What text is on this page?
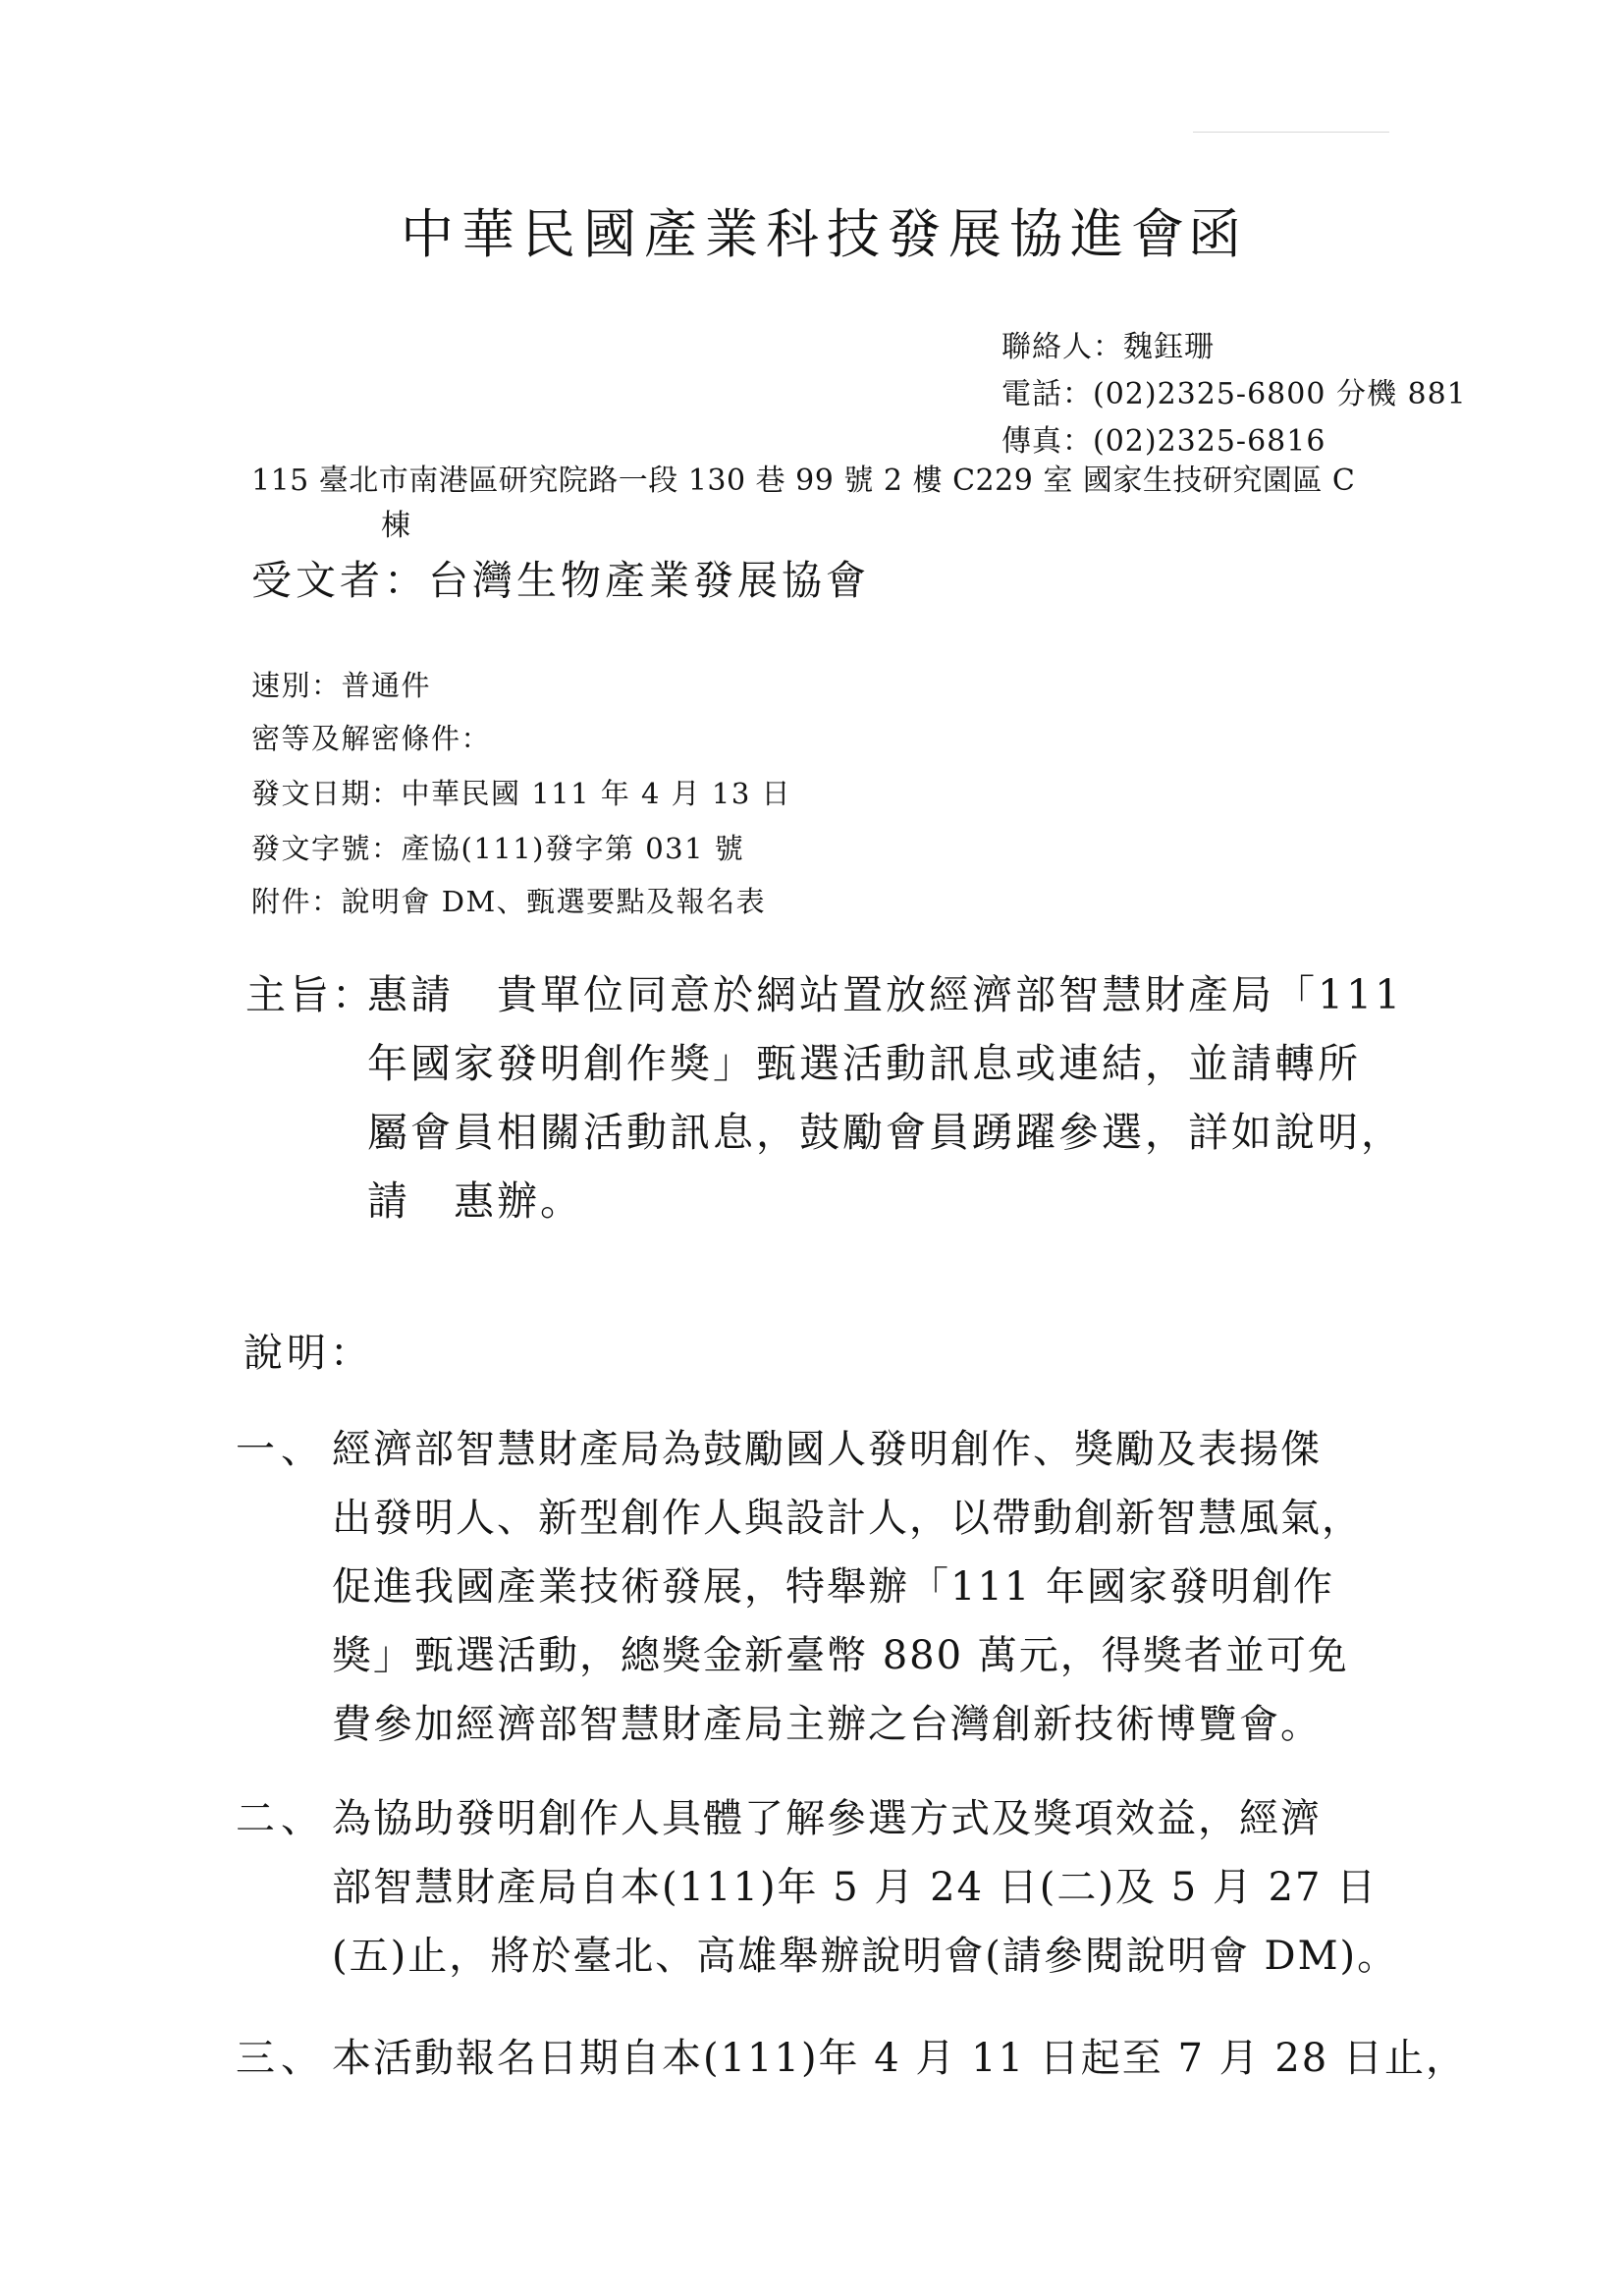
中華民國產業科技發展協進會
函
聯絡人：魏鈺珊
電話：(02)2325-6800 分機 881
傳真：(02)2325-6816
115 臺北市南港區研究院路一段 130 巷 99 號 2 樓 C229 室 國家生技研究園區 C
棟
受文者：台灣生物產業發展協會
速別：普通件
密等及解密條件：
發文日期：中華民國 111 年 4 月 13 日
發文字號：產協(111)發字第 031 號
附件：說明會 DM、甄選要點及報名表
主旨：
惠請　貴單位同意於網站置放經濟部智慧財產局「111
年國家發明創作獎」甄選活動訊息或連結，並請轉所
屬會員相關活動訊息，鼓勵會員踴躍參選，詳如說明，
請　惠辦。
說明：
一、 經濟部智慧財產局為鼓勵國人發明創作、獎勵及表揚傑
出發明人、新型創作人與設計人，以帶動創新智慧風氣，
促進我國產業技術發展，特舉辦「111 年國家發明創作
獎」甄選活動，總獎金新臺幣 880 萬元，得獎者並可免
費參加經濟部智慧財產局主辦之台灣創新技術博覽會。
二、 為協助發明創作人具體了解參選方式及獎項效益，經濟
部智慧財產局自本(111)年 5 月 24 日(二)及 5 月 27 日
(五)止，將於臺北、高雄舉辦說明會(請參閱說明會 DM)。
三、 本活動報名日期自本(111)年 4 月 11 日起至 7 月 28 日止，
